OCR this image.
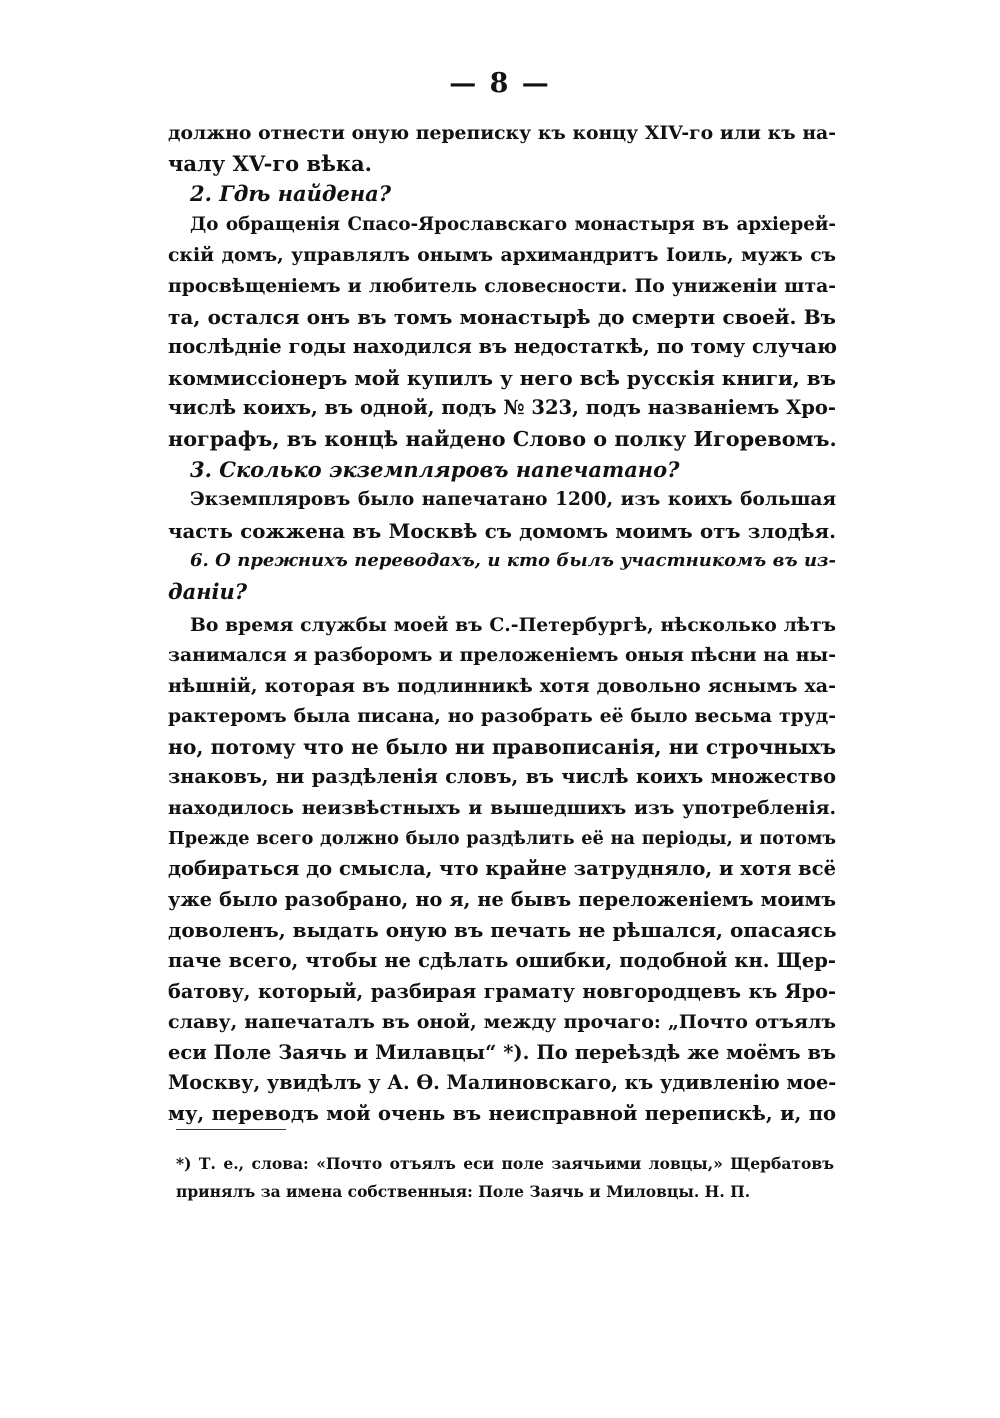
— 8 —
должно отнести оную переписку къ концу XIV-го или къ на-
чалу XV-го вѣка.
2. Гдѣ найдена?
До обращенія Спасо-Ярославскаго монастыря въ архіерей-
скій домъ, управлялъ онымъ архимандритъ Іоиль, мужъ съ
просвѣщеніемъ и любитель словесности. По униженіи шта-
та, остался онъ въ томъ монастырѣ до смерти своей. Въ
послѣдніе годы находился въ недостаткѣ, по тому случаю
коммиссіонеръ мой купилъ у него всѣ русскія книги, въ
числѣ коихъ, въ одной, подъ № 323, подъ названіемъ Хро-
нографъ, въ концѣ найдено Слово о полку Игоревомъ.
3. Сколько экземпляровъ напечатано?
Экземпляровъ было напечатано 1200, изъ коихъ большая
часть сожжена въ Москвѣ съ домомъ моимъ отъ злодѣя.
6. О прежнихъ переводахъ, и кто былъ участникомъ въ из-
даніи?
Во время службы моей въ С.-Петербургѣ, нѣсколько лѣтъ
занимался я разборомъ и преложеніемъ оныя пѣсни на ны-
нѣшній, которая въ подлинникѣ хотя довольно яснымъ ха-
рактеромъ была писана, но разобрать её было весьма труд-
но, потому что не было ни правописанія, ни строчныхъ
знаковъ, ни раздѣленія словъ, въ числѣ коихъ множество
находилось неизвѣстныхъ и вышедшихъ изъ употребленія.
Прежде всего должно было раздѣлить её на періоды, и потомъ
добираться до смысла, что крайне затрудняло, и хотя всё
уже было разобрано, но я, не бывъ переложеніемъ моимъ
доволенъ, выдать оную въ печать не рѣшался, опасаясь
паче всего, чтобы не сдѣлать ошибки, подобной кн. Щер-
батову, который, разбирая грамату новгородцевъ къ Яро-
славу, напечаталъ въ оной, между прочаго: „Почто отъялъ
еси Поле Заячь и Милавцы“ *). По переѣздѣ же моёмъ въ
Москву, увидѣлъ у А. Ѳ. Малиновскаго, къ удивленію моe-
му, переводъ мой очень въ неисправной перепискѣ, и, по
*) Т. е., слова: «Почто отъялъ еси поле заячьими ловцы,» Щербатовъ
принялъ за имена собственныя: Поле Заячь и Миловцы. Н. П.
